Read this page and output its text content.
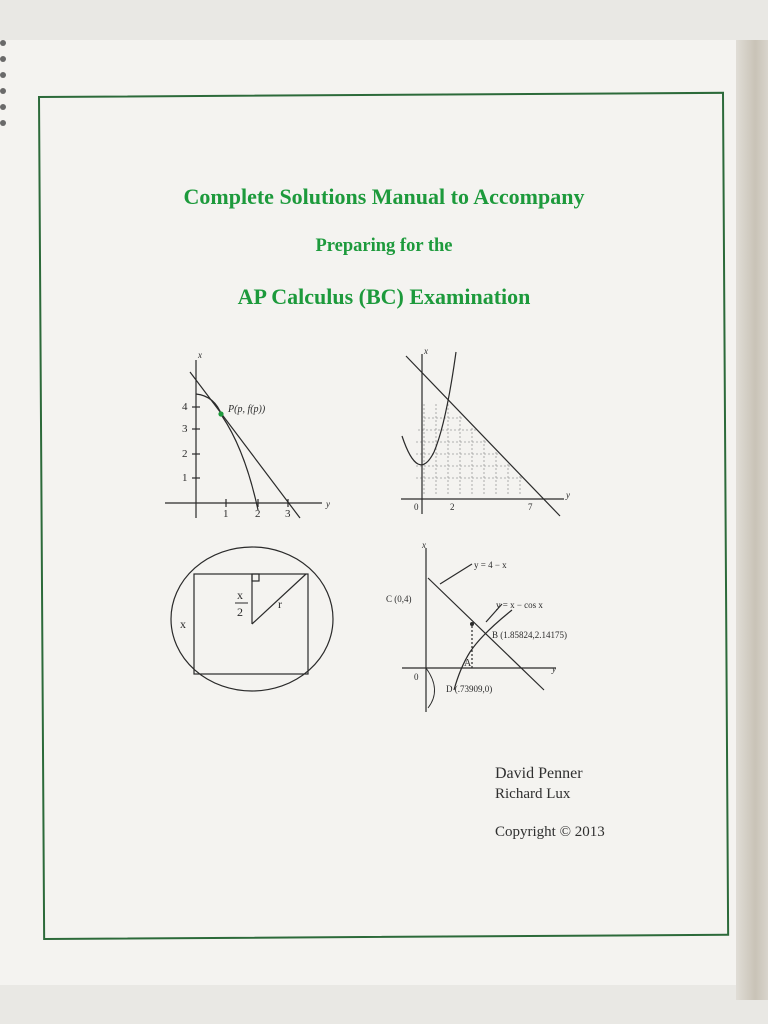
Complete Solutions Manual to Accompany
Preparing for the
AP Calculus (BC) Examination
x
y
4
3
2
1
1 2 3
P(p, f(p))
x
y
0	2	7
x
x
2
r
x
y
0
y = 4 − x
y = x − cos x
C (0,4)
B (1.85824,2.14175)
A
D (.73909,0)
David Penner
Richard Lux
Copyright © 2013
